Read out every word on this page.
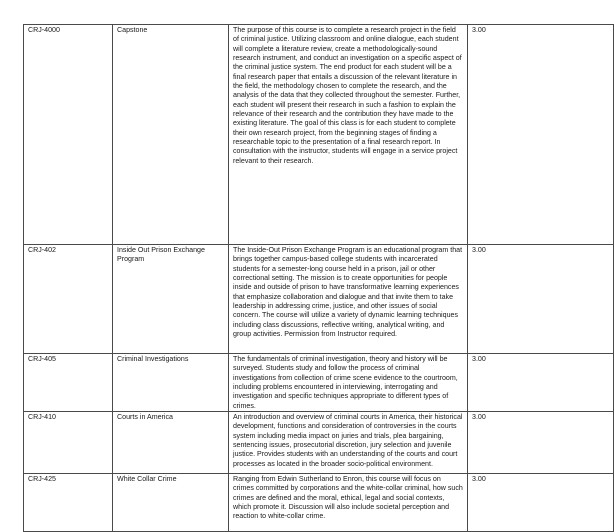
CRJ-4000	Capstone	The purpose of this course is to complete a research project in the field of criminal justice. Utilizing classroom and online dialogue, each student will complete a literature review, create a methodologically-sound research instrument, and conduct an investigation on a specific aspect of the criminal justice system. The end product for each student will be a final research paper that entails a discussion of the relevant literature in the field, the methodology chosen to complete the research, and the analysis of the data that they collected throughout the semester. Further, each student will present their research in such a fashion to explain the relevance of their research and the contribution they have made to the existing literature. The goal of this class is for each student to complete their own research project, from the beginning stages of finding a researchable topic to the presentation of a final research report. In consultation with the instructor, students will engage in a service project relevant to their research.	3.00
CRJ-402	Inside Out Prison Exchange Program	The Inside-Out Prison Exchange Program is an educational program that brings together campus-based college students with incarcerated students for a semester-long course held in a prison, jail or other correctional setting. The mission is to create opportunities for people inside and outside of prison to have transformative learning experiences that emphasize collaboration and dialogue and that invite them to take leadership in addressing crime, justice, and other issues of social concern. The course will utilize a variety of dynamic learning techniques including class discussions, reflective writing, analytical writing, and group activities. Permission from Instructor required.	3.00
CRJ-405	Criminal Investigations	The fundamentals of criminal investigation, theory and history will be surveyed. Students study and follow the process of criminal investigations from collection of crime scene evidence to the courtroom, including problems encountered in interviewing, interrogating and investigation and specific techniques appropriate to different types of crimes.	3.00
CRJ-410	Courts in America	An introduction and overview of criminal courts in America, their historical development, functions and consideration of controversies in the courts system including media impact on juries and trials, plea bargaining, sentencing issues, prosecutorial discretion, jury selection and juvenile justice. Provides students with an understanding of the courts and court processes as located in the broader socio-political environment.	3.00
CRJ-425	White Collar Crime	Ranging from Edwin Sutherland to Enron, this course will focus on crimes committed by corporations and the white-collar criminal, how such crimes are defined and the moral, ethical, legal and social contexts, which promote it. Discussion will also include societal perception and reaction to white-collar crime.	3.00
